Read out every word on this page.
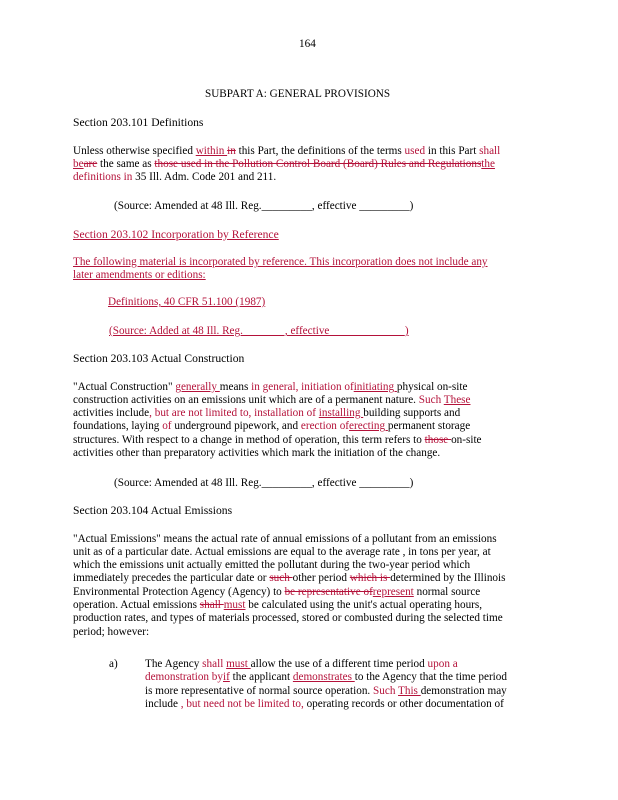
164
SUBPART A: GENERAL PROVISIONS
Section 203.101 Definitions
Unless otherwise specified within in this Part, the definitions of the terms used in this Part shall
beare the same as those used in the Pollution Control Board (Board) Rules and Regulationsthe
definitions in 35 Ill. Adm. Code 201 and 211.
(Source: Amended at 48 Ill. Reg._________, effective _________)
Section 203.102 Incorporation by Reference
The following material is incorporated by reference. This incorporation does not include any
later amendments or editions:
Definitions, 40 CFR 51.100 (1987)
(Source: Added at 48 Ill. Reg. _______, effective _____________)
Section 203.103 Actual Construction
"Actual Construction" generally means in general, initiation ofinitiating physical on-site
construction activities on an emissions unit which are of a permanent nature. Such These
activities include, but are not limited to, installation of installing building supports and
foundations, laying of underground pipework, and erection oferecting permanent storage
structures. With respect to a change in method of operation, this term refers to those on-site
activities other than preparatory activities which mark the initiation of the change.
(Source: Amended at 48 Ill. Reg._________, effective _________)
Section 203.104 Actual Emissions
"Actual Emissions" means the actual rate of annual emissions of a pollutant from an emissions
unit as of a particular date. Actual emissions are equal to the average rate , in tons per year, at
which the emissions unit actually emitted the pollutant during the two-year period which
immediately precedes the particular date or such other period which is determined by the Illinois
Environmental Protection Agency (Agency) to be representative ofrepresent normal source
operation. Actual emissions shall must be calculated using the unit's actual operating hours,
production rates, and types of materials processed, stored or combusted during the selected time
period; however:
a) The Agency shall must allow the use of a different time period upon a
demonstration byif the applicant demonstrates to the Agency that the time period
is more representative of normal source operation. Such This demonstration may
include , but need not be limited to, operating records or other documentation of
